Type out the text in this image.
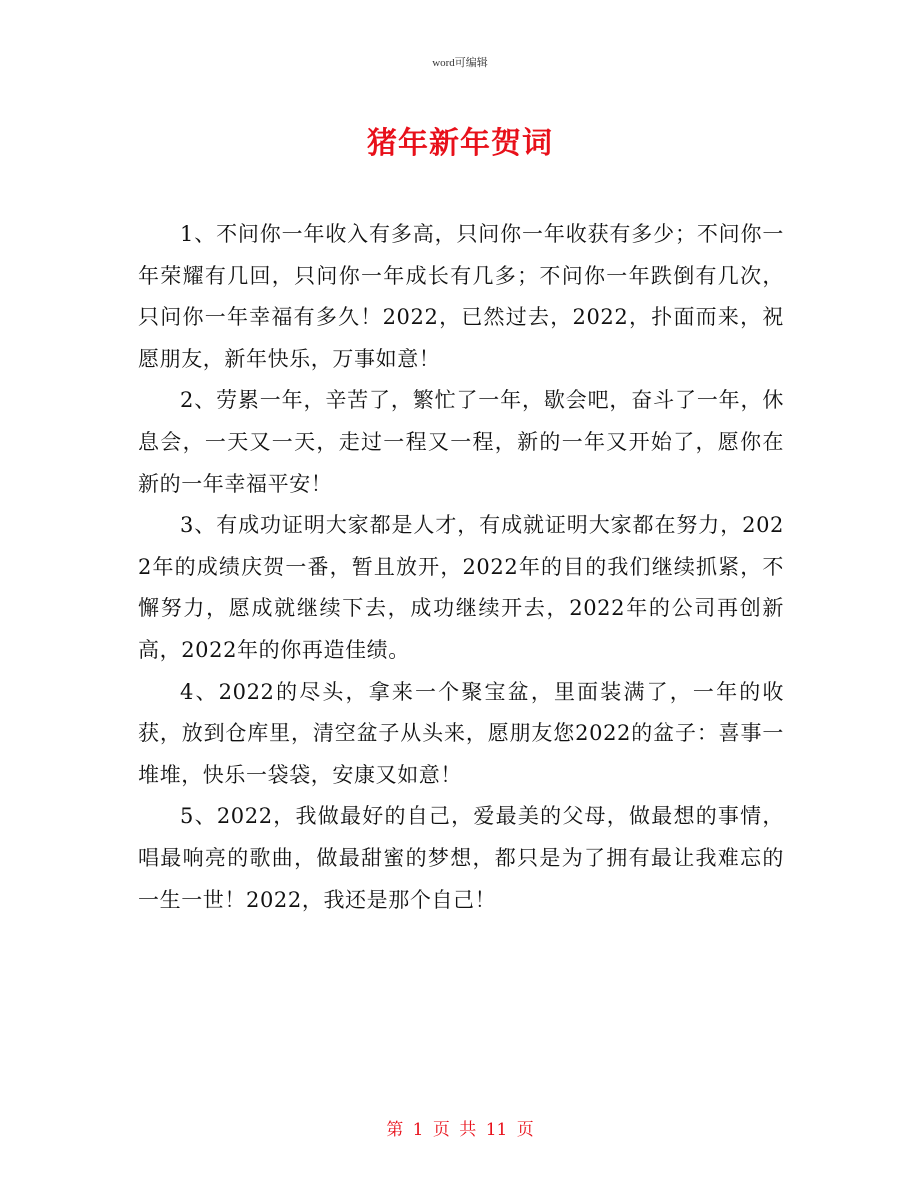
word可编辑
猪年新年贺词

1、不问你一年收入有多高，只问你一年收获有多少；不问你一年荣耀有几回，只问你一年成长有几多；不问你一年跌倒有几次，只问你一年幸福有多久！2022，已然过去，2022，扑面而来，祝愿朋友，新年快乐，万事如意！

2、劳累一年，辛苦了，繁忙了一年，歇会吧，奋斗了一年，休息会，一天又一天，走过一程又一程，新的一年又开始了，愿你在新的一年幸福平安！

3、有成功证明大家都是人才，有成就证明大家都在努力，2022年的成绩庆贺一番，暂且放开，2022年的目的我们继续抓紧，不懈努力，愿成就继续下去，成功继续开去，2022年的公司再创新高，2022年的你再造佳绩。

4、2022的尽头，拿来一个聚宝盆，里面装满了，一年的收获，放到仓库里，清空盆子从头来，愿朋友您2022的盆子：喜事一堆堆，快乐一袋袋，安康又如意！

5、2022，我做最好的自己，爱最美的父母，做最想的事情，唱最响亮的歌曲，做最甜蜜的梦想，都只是为了拥有最让我难忘的一生一世！2022，我还是那个自己！

第 1 页 共 11 页
